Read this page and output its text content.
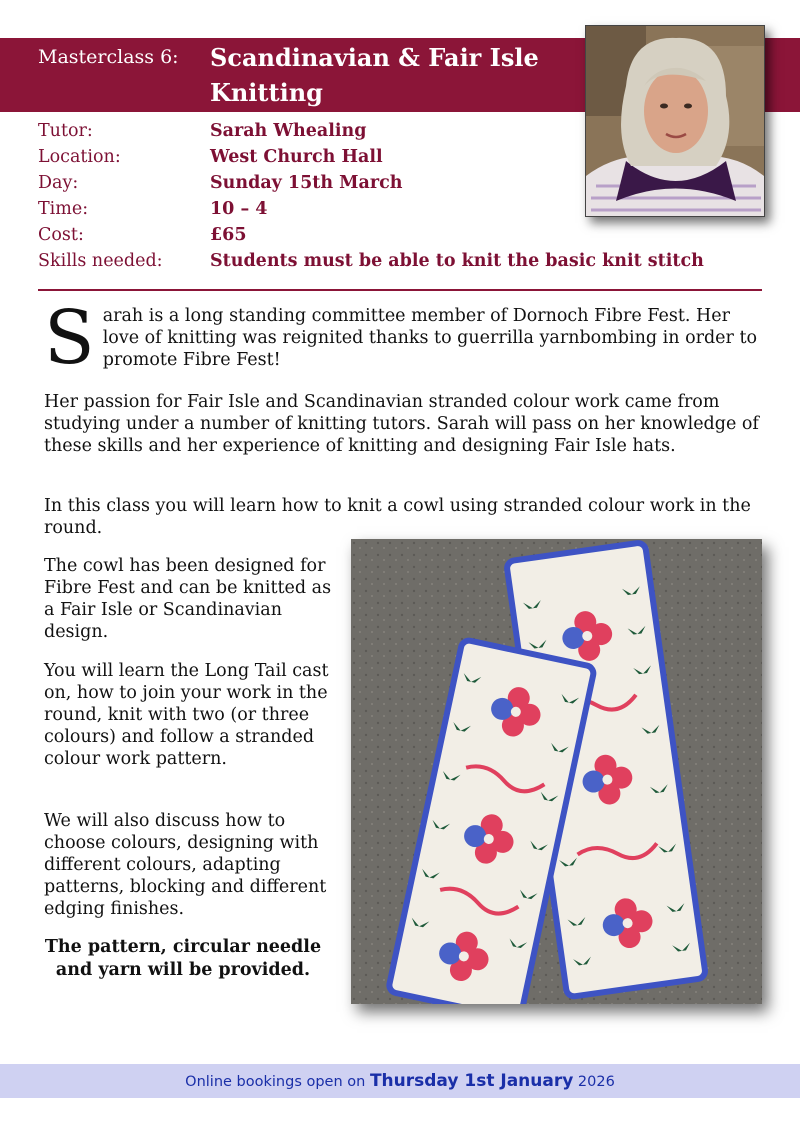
Masterclass 6: Scandinavian & Fair Isle Knitting
Tutor:	Sarah Whealing
Location:	West Church Hall
Day:	Sunday 15th March
Time:	10 – 4
Cost:	£65
Skills needed:	Students must be able to knit the basic knit stitch
S arah is a long standing committee member of Dornoch Fibre Fest. Her love of knitting was reignited thanks to guerrilla yarnbombing in order to promote Fibre Fest!
Her passion for Fair Isle and Scandinavian stranded colour work came from studying under a number of knitting tutors. Sarah will pass on her knowledge of these skills and her experience of knitting and designing Fair Isle hats.
In this class you will learn how to knit a cowl using stranded colour work in the round.
The cowl has been designed for Fibre Fest and can be knitted as a Fair Isle or Scandinavian design.
You will learn the Long Tail cast on, how to join your work in the round, knit with two (or three colours) and follow a stranded colour work pattern.
We will also discuss how to choose colours, designing with different colours, adapting patterns, blocking and different edging finishes.
The pattern, circular needle and yarn will be provided.
Online bookings open on Thursday 1st January 2026
